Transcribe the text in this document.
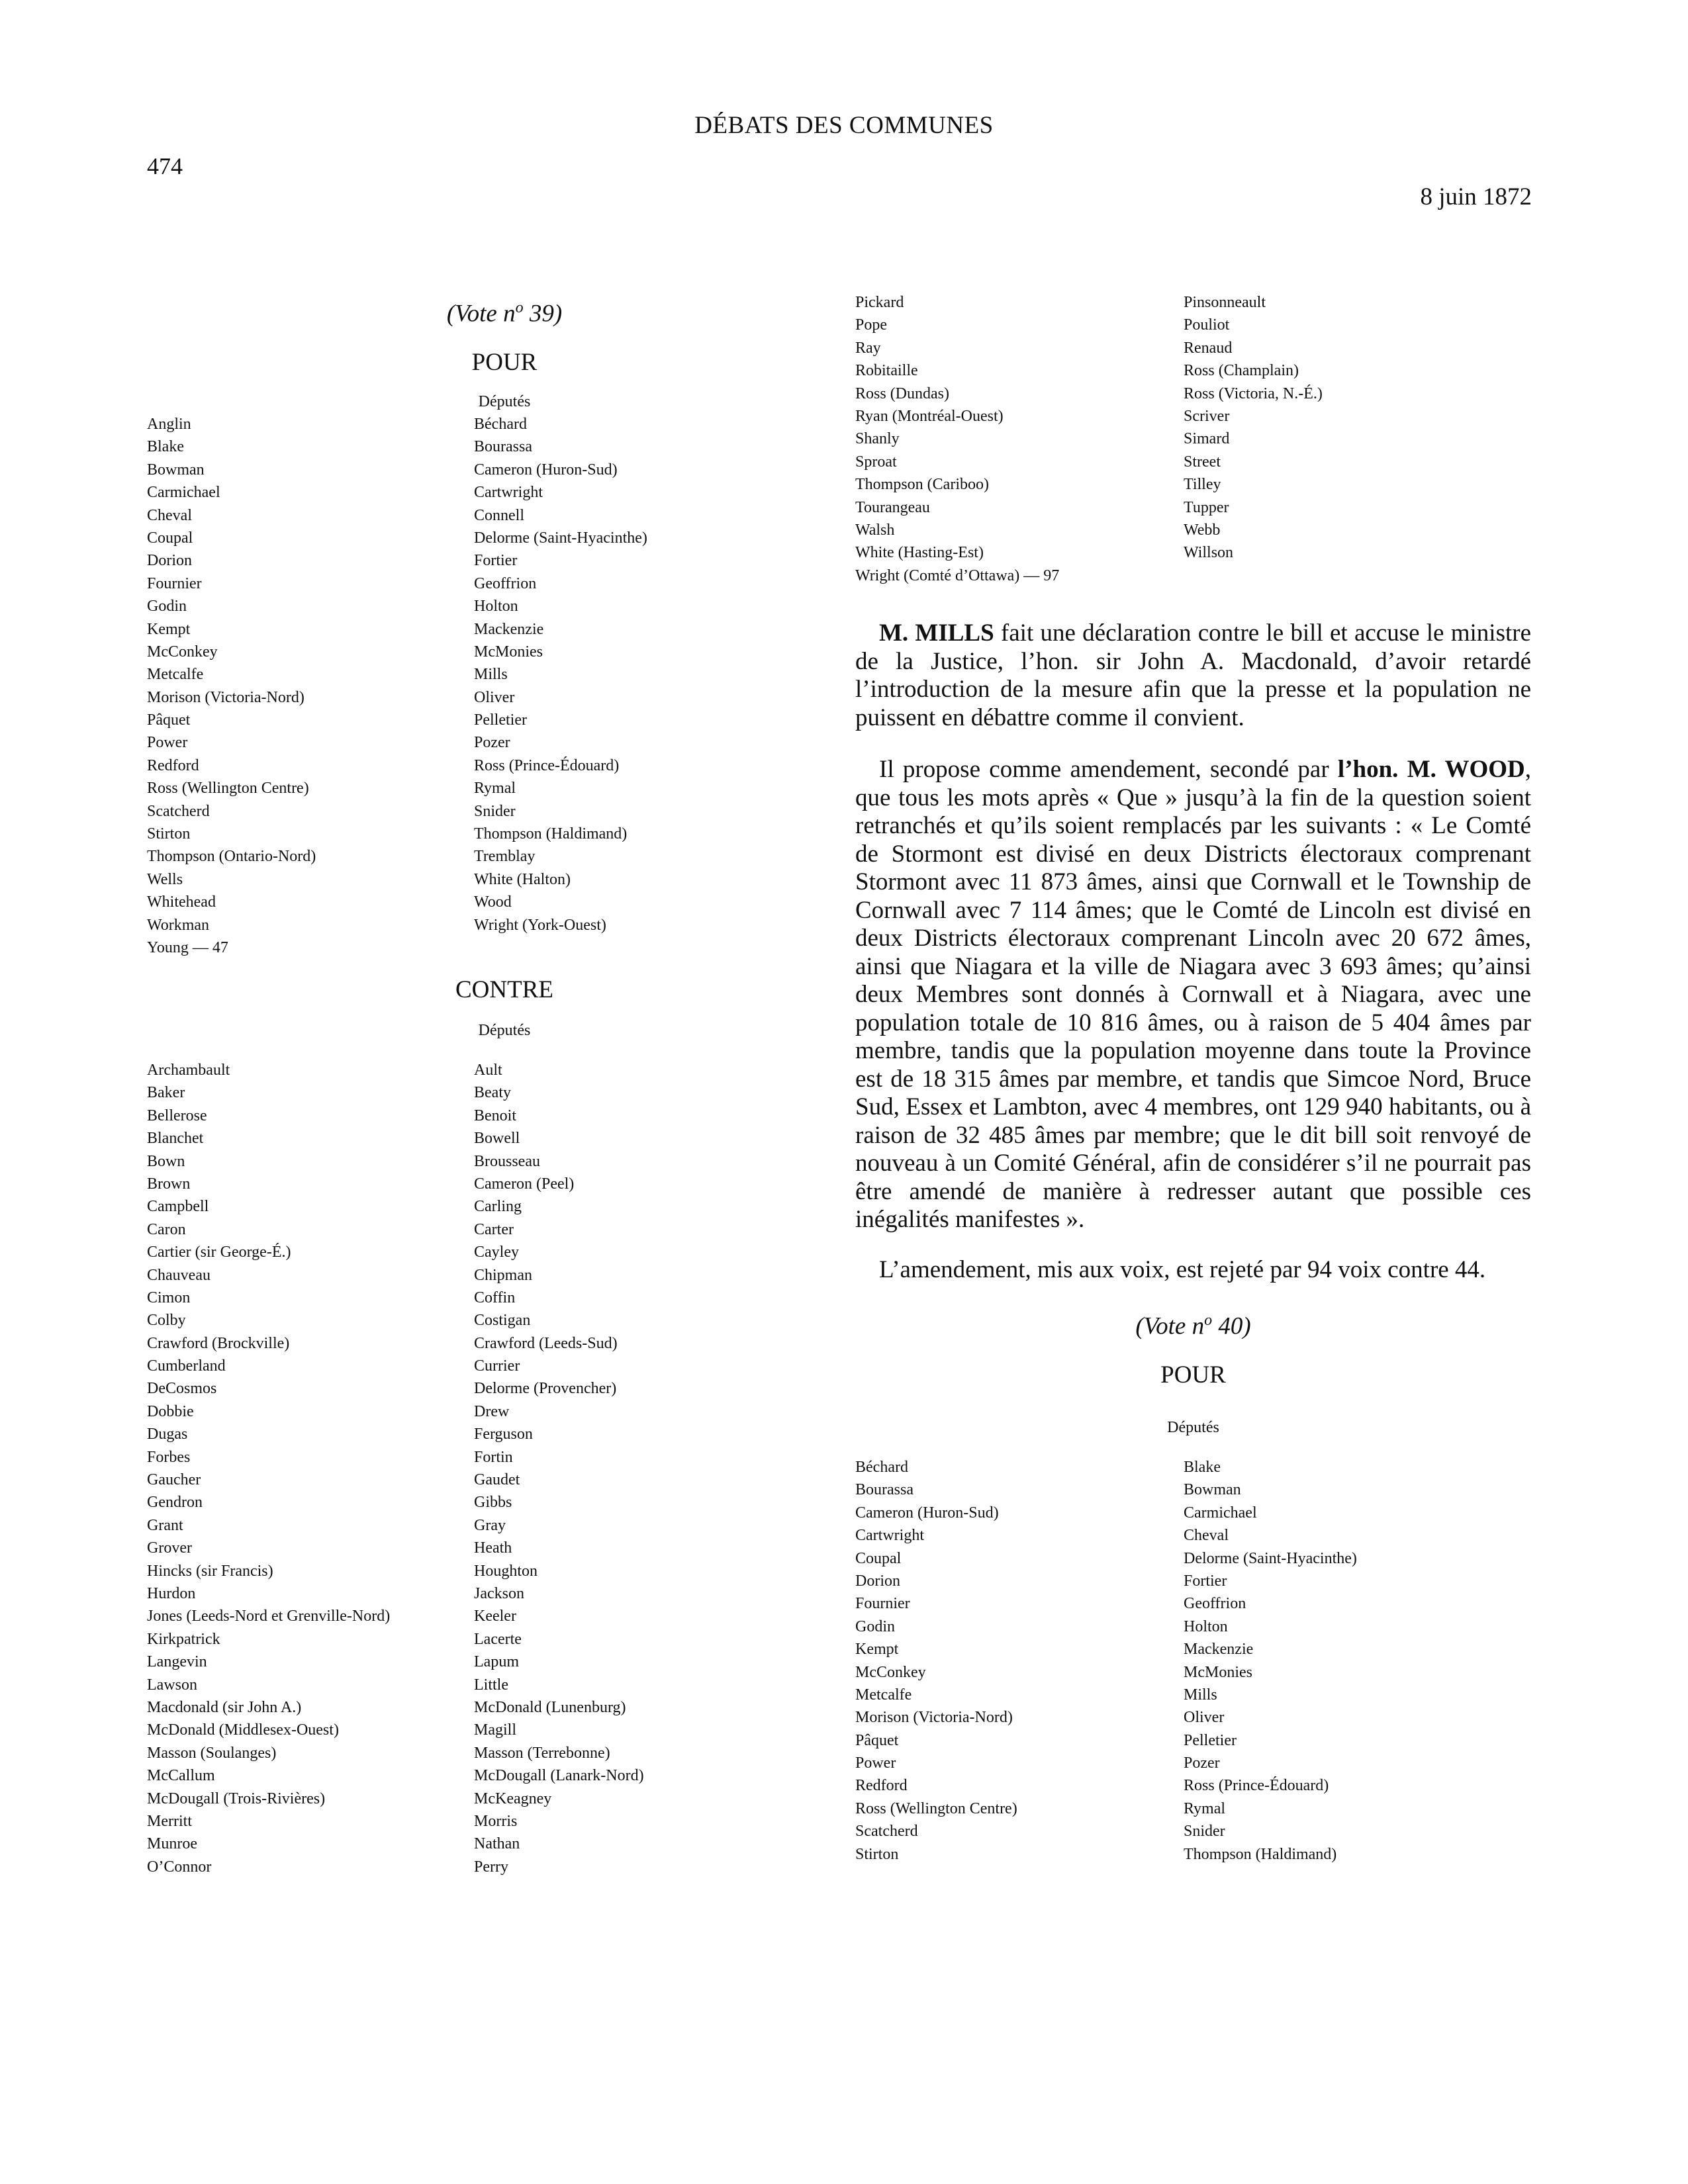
DÉBATS DES COMMUNES
474
8 juin 1872
(Vote $n^o$ 39)
POUR
Députés
Anglin
Blake
Bowman
Carmichael
Cheval
Coupal
Dorion
Fournier
Godin
Kempt
McConkey
Metcalfe
Morison (Victoria-Nord)
Pâquet
Power
Redford
Ross (Wellington Centre)
Scatcherd
Stirton
Thompson (Ontario-Nord)
Wells
Whitehead
Workman
Young — 47
Béchard
Bourassa
Cameron (Huron-Sud)
Cartwright
Connell
Delorme (Saint-Hyacinthe)
Fortier
Geoffrion
Holton
Mackenzie
McMonies
Mills
Oliver
Pelletier
Pozer
Ross (Prince-Édouard)
Rymal
Snider
Thompson (Haldimand)
Tremblay
White (Halton)
Wood
Wright (York-Ouest)
CONTRE
Députés
Archambault
Baker
Bellerose
Blanchet
Bown
Brown
Campbell
Caron
Cartier (sir George-É.)
Chauveau
Cimon
Colby
Crawford (Brockville)
Cumberland
DeCosmos
Dobbie
Dugas
Forbes
Gaucher
Gendron
Grant
Grover
Hincks (sir Francis)
Hurdon
Jones (Leeds-Nord et Grenville-Nord)
Kirkpatrick
Langevin
Lawson
Macdonald (sir John A.)
McDonald (Middlesex-Ouest)
Masson (Soulanges)
McCallum
McDougall (Trois-Rivières)
Merritt
Munroe
O’Connor
Ault
Beaty
Benoit
Bowell
Brousseau
Cameron (Peel)
Carling
Carter
Cayley
Chipman
Coffin
Costigan
Crawford (Leeds-Sud)
Currier
Delorme (Provencher)
Drew
Ferguson
Fortin
Gaudet
Gibbs
Gray
Heath
Houghton
Jackson
Keeler
Lacerte
Lapum
Little
McDonald (Lunenburg)
Magill
Masson (Terrebonne)
McDougall (Lanark-Nord)
McKeagney
Morris
Nathan
Perry
Pickard
Pope
Ray
Robitaille
Ross (Dundas)
Ryan (Montréal-Ouest)
Shanly
Sproat
Thompson (Cariboo)
Tourangeau
Walsh
White (Hasting-Est)
Wright (Comté d’Ottawa) — 97
Pinsonneault
Pouliot
Renaud
Ross (Champlain)
Ross (Victoria, N.-É.)
Scriver
Simard
Street
Tilley
Tupper
Webb
Willson

M. MILLS fait une déclaration contre le bill et accuse le ministre de la Justice, l’hon. sir John A. Macdonald, d’avoir retardé l’introduction de la mesure afin que la presse et la population ne puissent en débattre comme il convient.

Il propose comme amendement, secondé par l’hon. M. WOOD, que tous les mots après « Que » jusqu’à la fin de la question soient retranchés et qu’ils soient remplacés par les suivants : « Le Comté de Stormont est divisé en deux Districts électoraux comprenant Stormont avec 11 873 âmes, ainsi que Cornwall et le Township de Cornwall avec 7 114 âmes; que le Comté de Lincoln est divisé en deux Districts électoraux comprenant Lincoln avec 20 672 âmes, ainsi que Niagara et la ville de Niagara avec 3 693 âmes; qu’ainsi deux Membres sont donnés à Cornwall et à Niagara, avec une population totale de 10 816 âmes, ou à raison de 5 404 âmes par membre, tandis que la population moyenne dans toute la Province est de 18 315 âmes par membre, et tandis que Simcoe Nord, Bruce Sud, Essex et Lambton, avec 4 membres, ont 129 940 habitants, ou à raison de 32 485 âmes par membre; que le dit bill soit renvoyé de nouveau à un Comité Général, afin de considérer s’il ne pourrait pas être amendé de manière à redresser autant que possible ces inégalités manifestes ».

L’amendement, mis aux voix, est rejeté par 94 voix contre 44.

(Vote $n^o$ 40)
POUR
Députés
Béchard
Bourassa
Cameron (Huron-Sud)
Cartwright
Coupal
Dorion
Fournier
Godin
Kempt
McConkey
Metcalfe
Morison (Victoria-Nord)
Pâquet
Power
Redford
Ross (Wellington Centre)
Scatcherd
Stirton
Blake
Bowman
Carmichael
Cheval
Delorme (Saint-Hyacinthe)
Fortier
Geoffrion
Holton
Mackenzie
McMonies
Mills
Oliver
Pelletier
Pozer
Ross (Prince-Édouard)
Rymal
Snider
Thompson (Haldimand)
